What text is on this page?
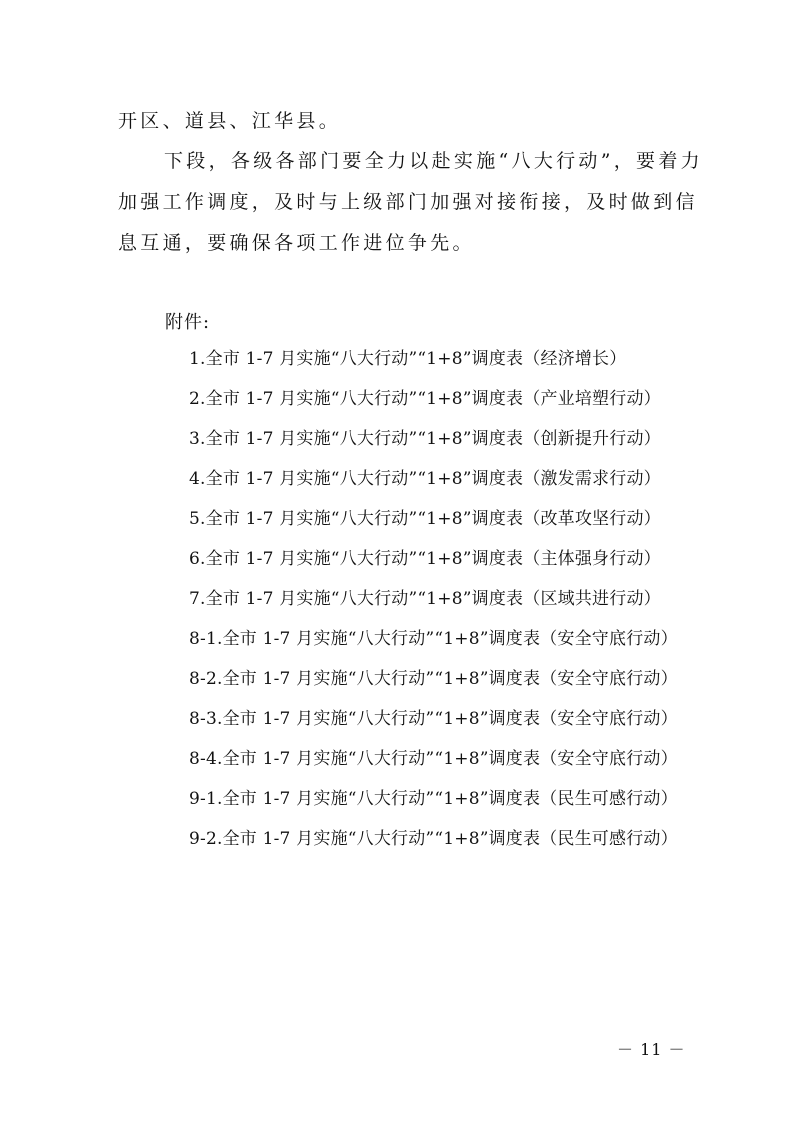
开区、道县、江华县。
下段，各级各部门要全力以赴实施“八大行动”，要着力
加强工作调度，及时与上级部门加强对接衔接，及时做到信
息互通，要确保各项工作进位争先。
附件:
1.全市 1-7 月实施“八大行动”“1+8”调度表（经济增长）
2.全市 1-7 月实施“八大行动”“1+8”调度表（产业培塑行动）
3.全市 1-7 月实施“八大行动”“1+8”调度表（创新提升行动）
4.全市 1-7 月实施“八大行动”“1+8”调度表（激发需求行动）
5.全市 1-7 月实施“八大行动”“1+8”调度表（改革攻坚行动）
6.全市 1-7 月实施“八大行动”“1+8”调度表（主体强身行动）
7.全市 1-7 月实施“八大行动”“1+8”调度表（区域共进行动）
8-1.全市 1-7 月实施“八大行动”“1+8”调度表（安全守底行动）
8-2.全市 1-7 月实施“八大行动”“1+8”调度表（安全守底行动）
8-3.全市 1-7 月实施“八大行动”“1+8”调度表（安全守底行动）
8-4.全市 1-7 月实施“八大行动”“1+8”调度表（安全守底行动）
9-1.全市 1-7 月实施“八大行动”“1+8”调度表（民生可感行动）
9-2.全市 1-7 月实施“八大行动”“1+8”调度表（民生可感行动）
－ 11 －
